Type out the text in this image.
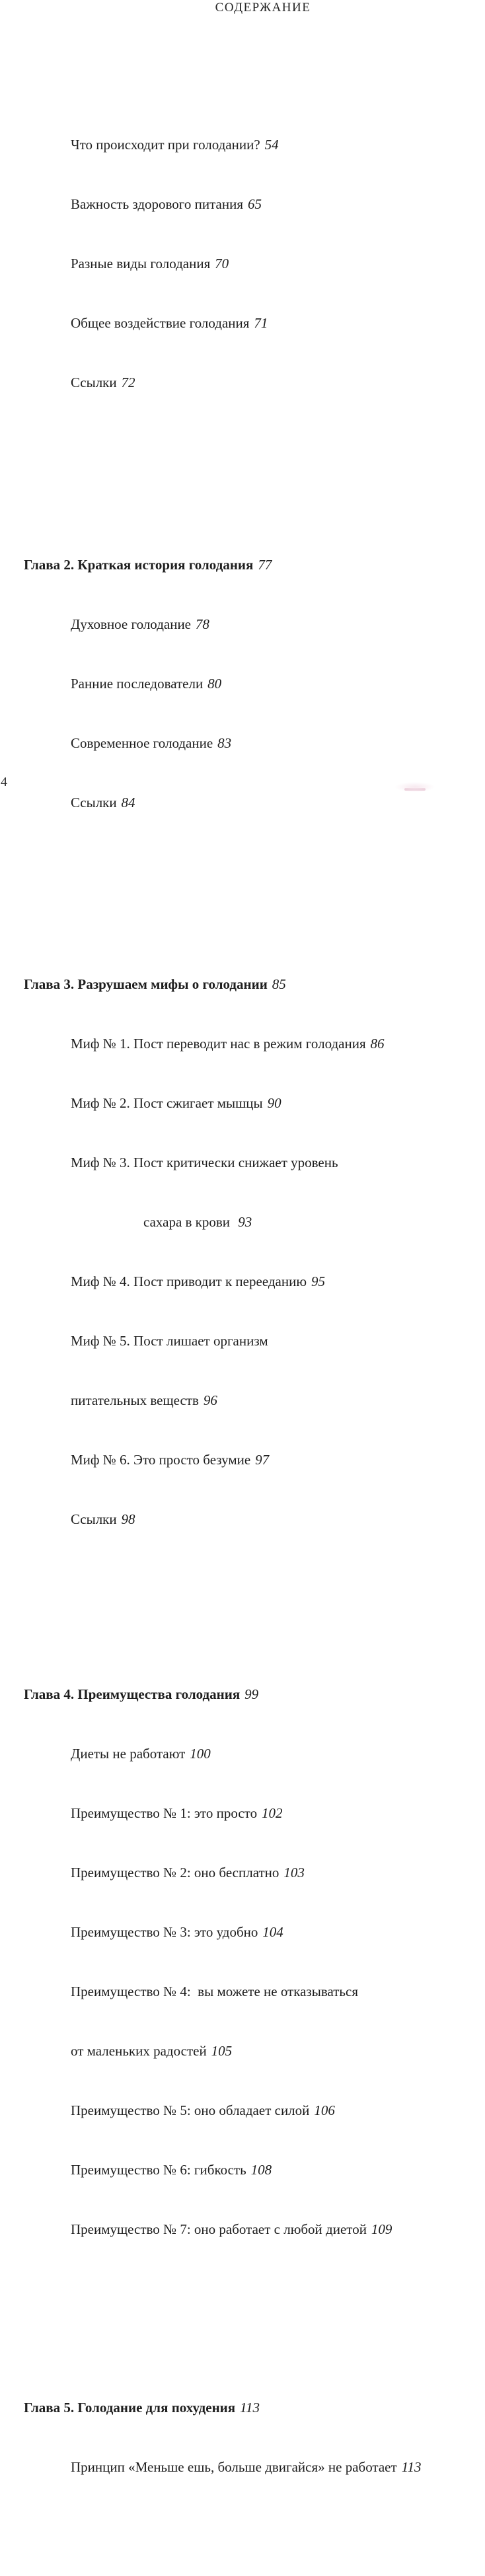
СОДЕРЖАНИЕ

Что происходит при голодании? 54

Важность здорового питания 65

Разные виды голодания 70

Общее воздействие голодания 71

Ссылки 72

Глава 2. Краткая история голодания 77

Духовное голодание 78

Ранние последователи 80

Современное голодание 83

Ссылки 84

Глава 3. Разрушаем мифы о голодании 85

Миф № 1. Пост переводит нас в режим голодания 86

Миф № 2. Пост сжигает мышцы 90

Миф № 3. Пост критически снижает уровень

сахара в крови 93

Миф № 4. Пост приводит к перееданию 95

Миф № 5. Пост лишает организм

питательных веществ 96

Миф № 6. Это просто безумие 97

Ссылки 98

Глава 4. Преимущества голодания 99

Диеты не работают 100

Преимущество № 1: это просто 102

Преимущество № 2: оно бесплатно 103

Преимущество № 3: это удобно 104

Преимущество № 4:  вы можете не отказываться

от маленьких радостей 105

Преимущество № 5: оно обладает силой 106

Преимущество № 6: гибкость 108

Преимущество № 7: оно работает с любой диетой 109

Глава 5. Голодание для похудения 113

Принцип «Меньше ешь, больше двигайся» не работает 113

4
